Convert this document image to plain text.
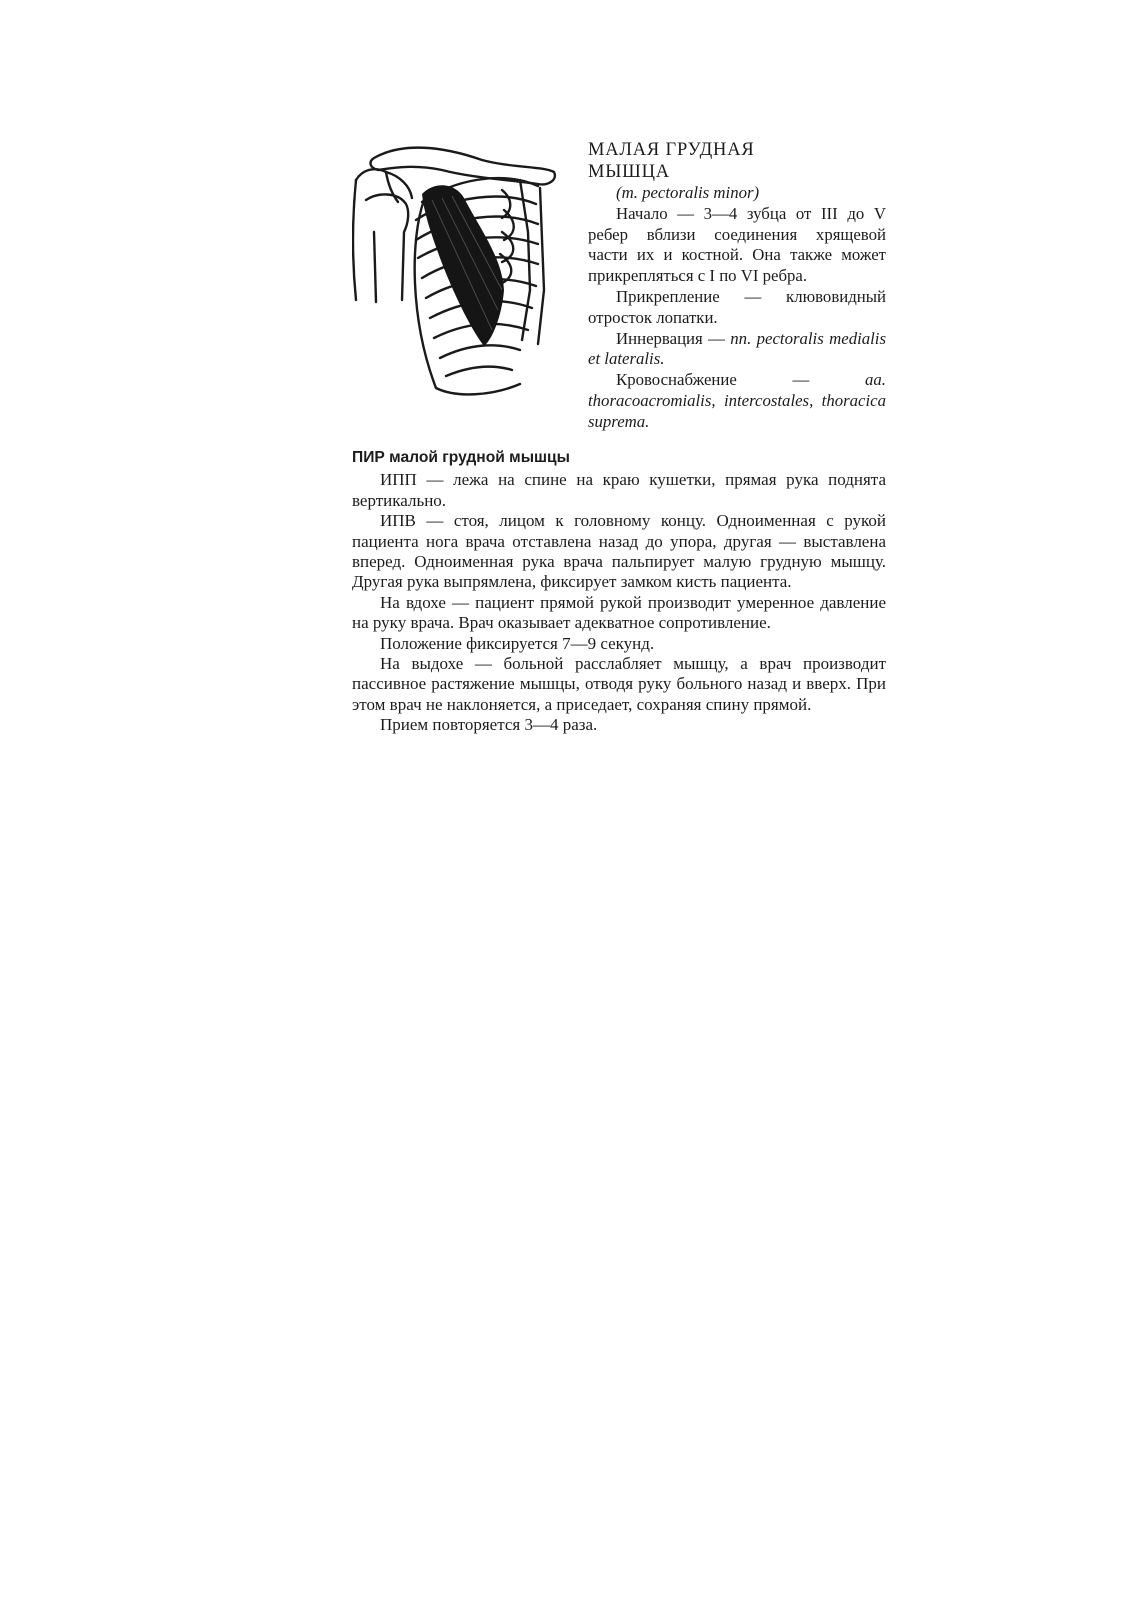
МАЛАЯ ГРУДНАЯ
МЫШЦА

(m. pectoralis minor)

Начало — 3—4 зубца от III до V ребер вблизи соединения хрящевой части их и костной. Она также может прикрепляться с I по VI ребра.

Прикрепление — клювовидный отросток лопатки.

Иннервация — nn. pectoralis medialis et lateralis.

Кровоснабжение — aa. thoracoacromialis, intercostales, thoracica suprema.

ПИР малой грудной мышцы

ИПП — лежа на спине на краю кушетки, прямая рука поднята вертикально.

ИПВ — стоя, лицом к головному концу. Одноименная с рукой пациента нога врача отставлена назад до упора, другая — выставлена вперед. Одноименная рука врача пальпирует малую грудную мышцу. Другая рука выпрямлена, фиксирует замком кисть пациента.

На вдохе — пациент прямой рукой производит умеренное давление на руку врача. Врач оказывает адекватное сопротивление.

Положение фиксируется 7—9 секунд.

На выдохе — больной расслабляет мышцу, а врач производит пассивное растяжение мышцы, отводя руку больного назад и вверх. При этом врач не наклоняется, а приседает, сохраняя спину прямой.

Прием повторяется 3—4 раза.
